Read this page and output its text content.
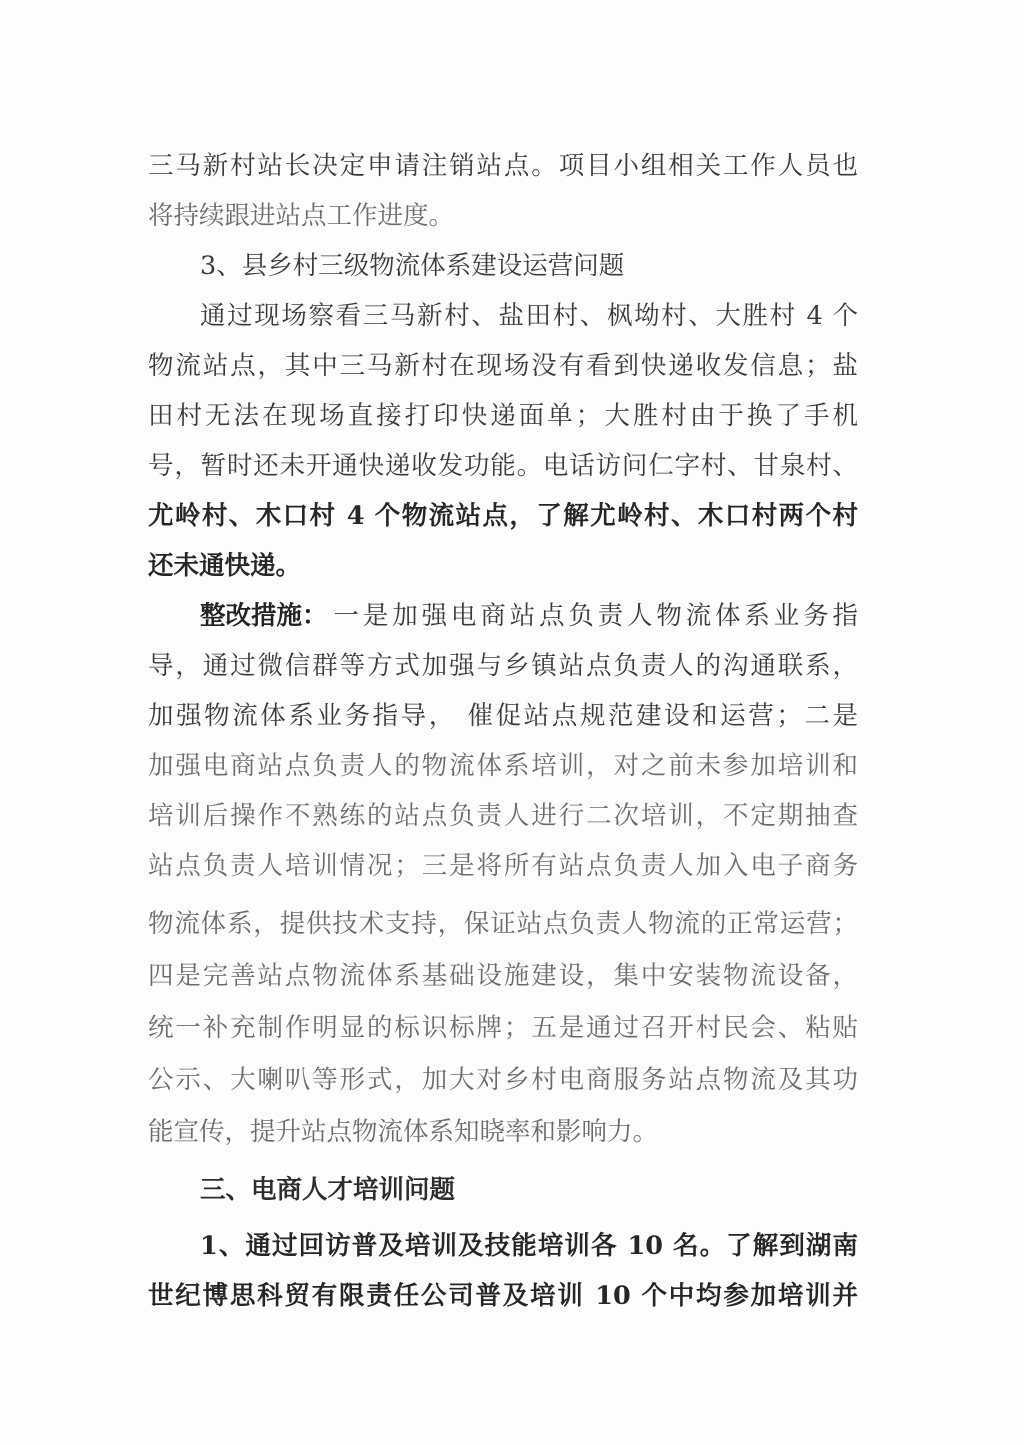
三马新村站长决定申请注销站点。项目小组相关工作人员也
将持续跟进站点工作进度。
3、县乡村三级物流体系建设运营问题
通过现场察看三马新村、盐田村、枫坳村、大胜村 4 个
物流站点，其中三马新村在现场没有看到快递收发信息；盐
田村无法在现场直接打印快递面单；大胜村由于换了手机
号，暂时还未开通快递收发功能。电话访问仁字村、甘泉村、
尤岭村、木口村 4 个物流站点，了解尤岭村、木口村两个村
还未通快递。
整改措施： 一是加强电商站点负责人物流体系业务指
导，通过微信群等方式加强与乡镇站点负责人的沟通联系，
加强物流体系业务指导， 催促站点规范建设和运营；二是
加强电商站点负责人的物流体系培训，对之前未参加培训和
培训后操作不熟练的站点负责人进行二次培训，不定期抽查
站点负责人培训情况；三是将所有站点负责人加入电子商务
物流体系，提供技术支持，保证站点负责人物流的正常运营；
四是完善站点物流体系基础设施建设，集中安装物流设备，
统一补充制作明显的标识标牌；五是通过召开村民会、粘贴
公示、大喇叭等形式，加大对乡村电商服务站点物流及其功
能宣传，提升站点物流体系知晓率和影响力。
三、电商人才培训问题
1、通过回访普及培训及技能培训各 10 名。了解到湖南
世纪博思科贸有限责任公司普及培训 10 个中均参加培训并
